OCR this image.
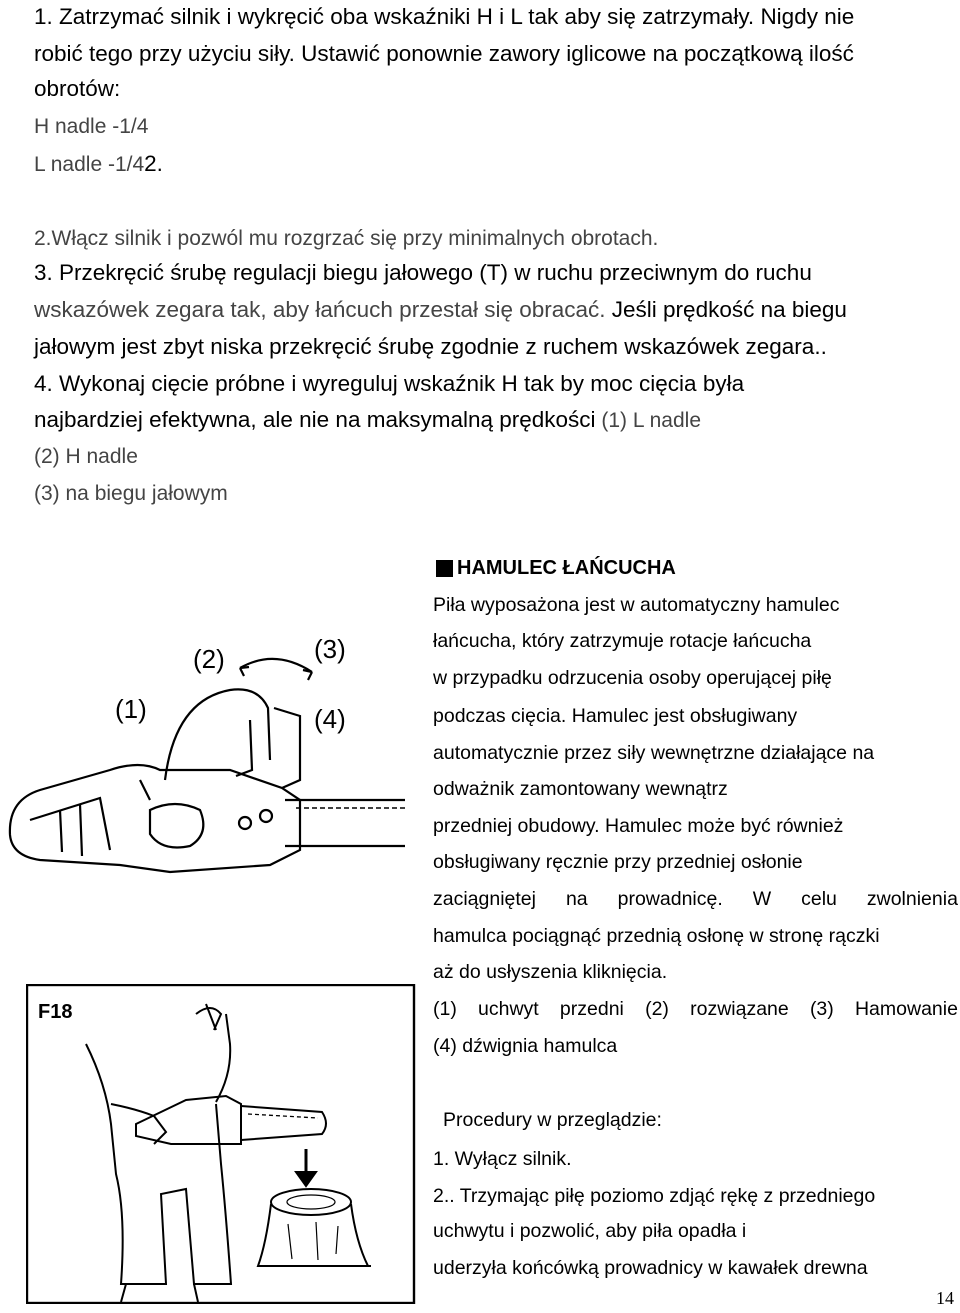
1. Zatrzymać silnik i wykręcić oba wskaźniki H i L tak aby się zatrzymały. Nigdy nie
robić tego przy użyciu siły. Ustawić ponownie zawory iglicowe na początkową ilość
obrotów:
H nadle -1/4
L nadle -1/42.
2.Włącz silnik i pozwól mu rozgrzać się przy minimalnych obrotach.
3. Przekręcić śrubę regulacji biegu jałowego (T) w ruchu przeciwnym do ruchu
wskazówek zegara tak, aby łańcuch przestał się obracać. Jeśli prędkość na biegu
jałowym jest zbyt niska przekręcić śrubę zgodnie z ruchem wskazówek zegara..
4. Wykonaj cięcie próbne i wyreguluj wskaźnik H tak by moc cięcia była
najbardziej efektywna, ale nie na maksymalną prędkości (1) L nadle
(2) H nadle
(3) na biegu jałowym
HAMULEC ŁAŃCUCHA
Piła wyposażona jest w automatyczny hamulec
łańcucha, który zatrzymuje rotacje łańcucha
w przypadku odrzucenia osoby operującej piłę
podczas cięcia. Hamulec jest obsługiwany
automatycznie przez siły wewnętrzne działające na
odważnik zamontowany wewnątrz
przedniej obudowy. Hamulec może być również
obsługiwany ręcznie przy przedniej osłonie
zaciągniętej na prowadnicę. W celu zwolnienia
hamulca pociągnąć przednią osłonę w stronę rączki
aż do usłyszenia kliknięcia.
(1) uchwyt przedni (2) rozwiązane (3) Hamowanie
(4) dźwignia hamulca
Procedury w przeglądzie:
1. Wyłącz silnik.
2.. Trzymając piłę poziomo zdjąć rękę z przedniego
uchwytu i pozwolić, aby piła opadła i
uderzyła końcówką prowadnicy w kawałek drewna
14
(1)
(2)	(3)
(4)
F18
